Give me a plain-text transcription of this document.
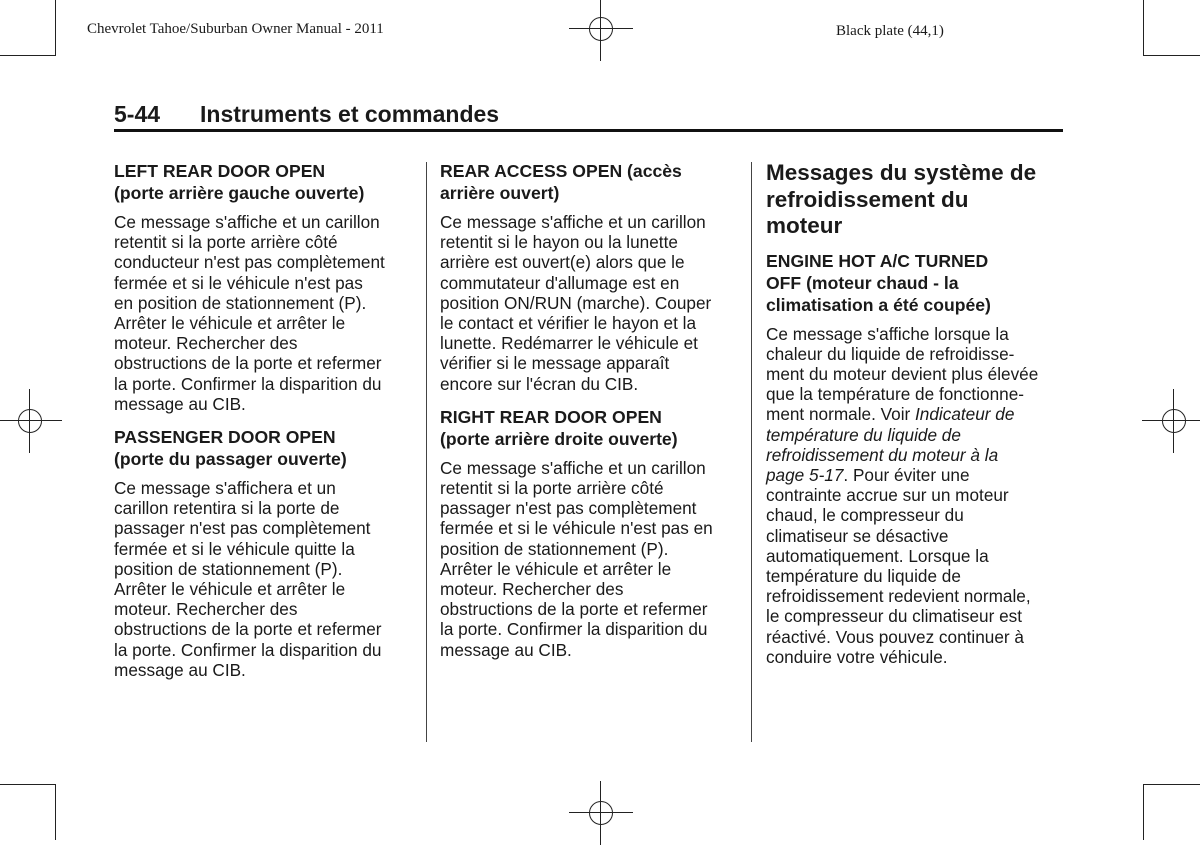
Chevrolet Tahoe/Suburban Owner Manual - 2011	Black plate (44,1)
5-44 Instruments et commandes
LEFT REAR DOOR OPEN
(porte arrière gauche ouverte)
Ce message s'affiche et un carillon
retentit si la porte arrière côté
conducteur n'est pas complètement
fermée et si le véhicule n'est pas
en position de stationnement (P).
Arrêter le véhicule et arrêter le
moteur. Rechercher des
obstructions de la porte et refermer
la porte. Confirmer la disparition du
message au CIB.
PASSENGER DOOR OPEN
(porte du passager ouverte)
Ce message s'affichera et un
carillon retentira si la porte de
passager n'est pas complètement
fermée et si le véhicule quitte la
position de stationnement (P).
Arrêter le véhicule et arrêter le
moteur. Rechercher des
obstructions de la porte et refermer
la porte. Confirmer la disparition du
message au CIB.
REAR ACCESS OPEN (accès
arrière ouvert)
Ce message s'affiche et un carillon
retentit si le hayon ou la lunette
arrière est ouvert(e) alors que le
commutateur d'allumage est en
position ON/RUN (marche). Couper
le contact et vérifier le hayon et la
lunette. Redémarrer le véhicule et
vérifier si le message apparaît
encore sur l'écran du CIB.
RIGHT REAR DOOR OPEN
(porte arrière droite ouverte)
Ce message s'affiche et un carillon
retentit si la porte arrière côté
passager n'est pas complètement
fermée et si le véhicule n'est pas en
position de stationnement (P).
Arrêter le véhicule et arrêter le
moteur. Rechercher des
obstructions de la porte et refermer
la porte. Confirmer la disparition du
message au CIB.
Messages du système de
refroidissement du
moteur
ENGINE HOT A/C TURNED
OFF (moteur chaud - la
climatisation a été coupée)
Ce message s'affiche lorsque la
chaleur du liquide de refroidisse-
ment du moteur devient plus élevée
que la température de fonctionne-
ment normale. Voir Indicateur de
température du liquide de
refroidissement du moteur à la
page 5-17. Pour éviter une
contrainte accrue sur un moteur
chaud, le compresseur du
climatiseur se désactive
automatiquement. Lorsque la
température du liquide de
refroidissement redevient normale,
le compresseur du climatiseur est
réactivé. Vous pouvez continuer à
conduire votre véhicule.
